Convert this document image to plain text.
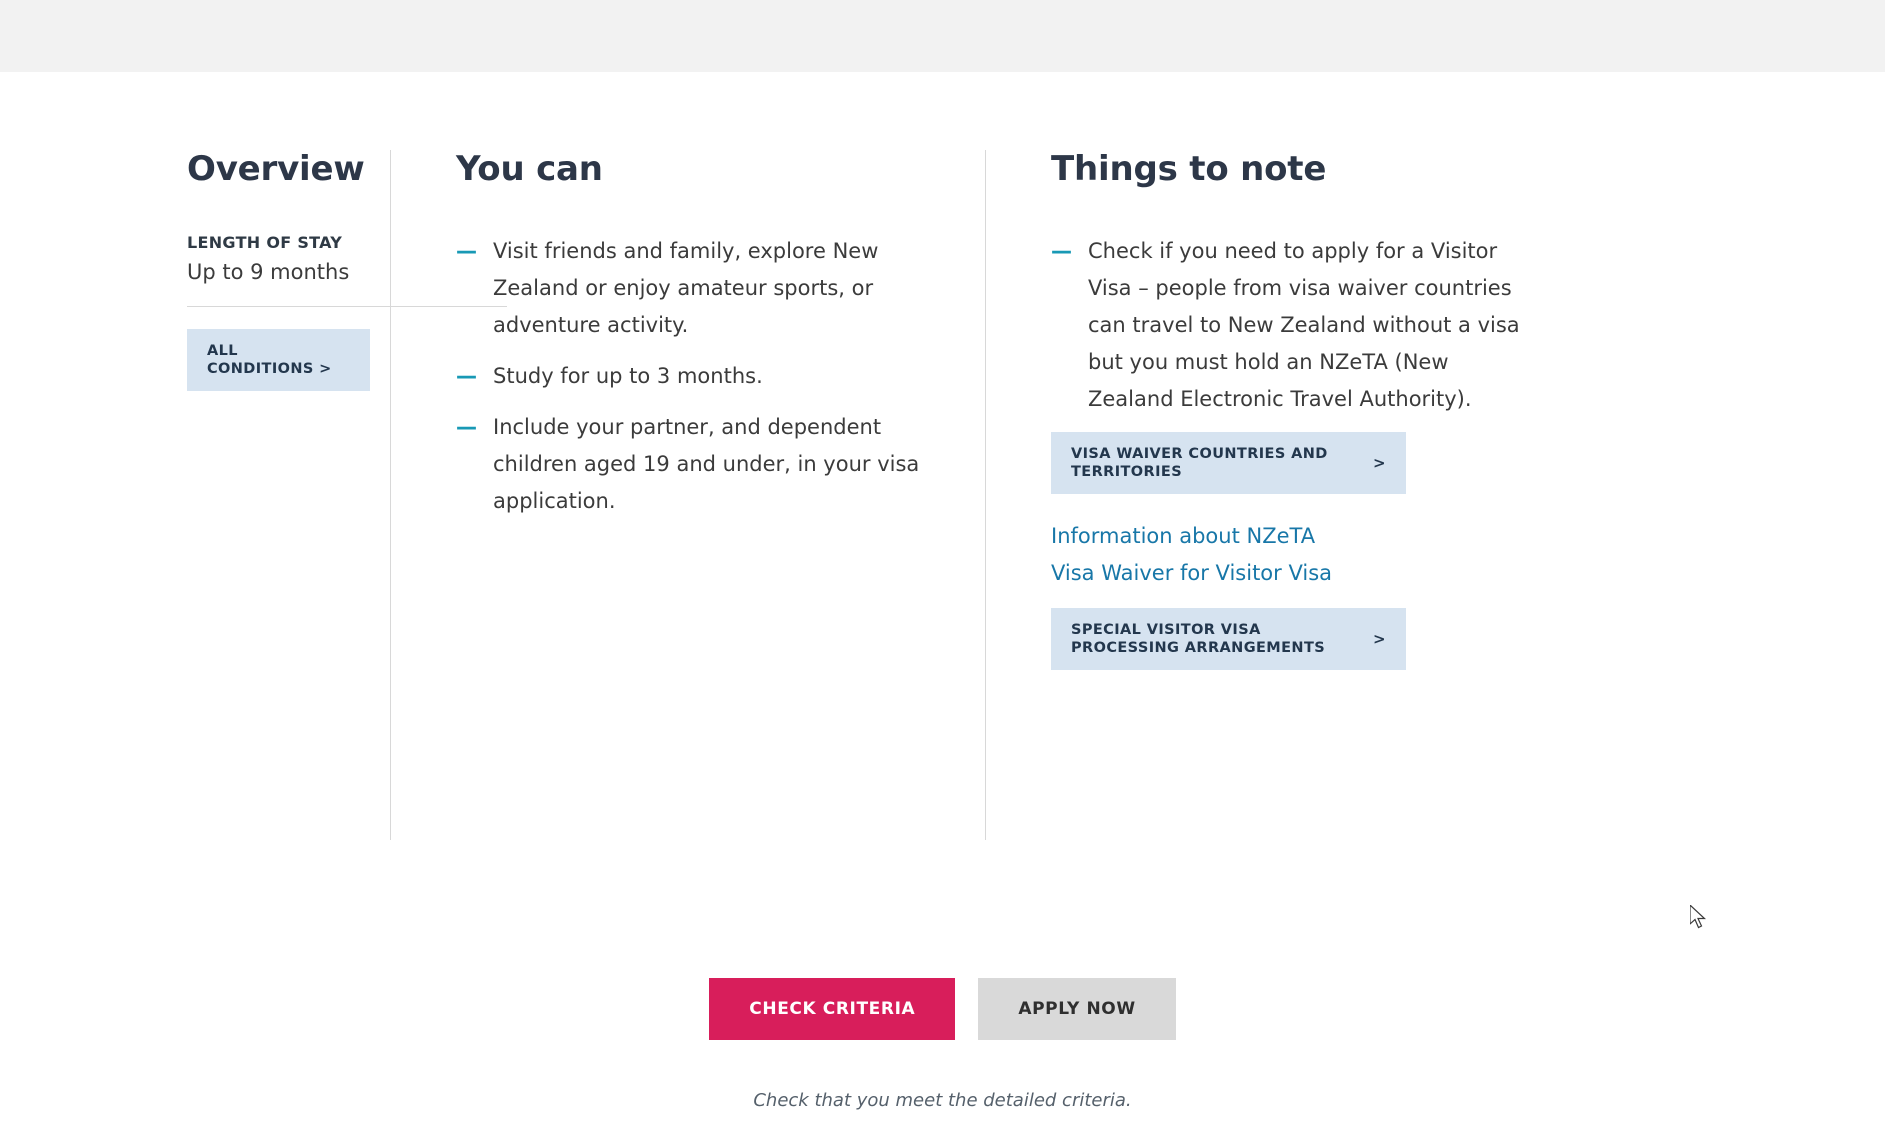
Overview
LENGTH OF STAY
Up to 9 months
ALL CONDITIONS >
You can
— Visit friends and family, explore New Zealand or enjoy amateur sports, or adventure activity.
— Study for up to 3 months.
— Include your partner, and dependent children aged 19 and under, in your visa application.
Things to note
— Check if you need to apply for a Visitor Visa – people from visa waiver countries can travel to New Zealand without a visa but you must hold an NZeTA (New Zealand Electronic Travel Authority).
VISA WAIVER COUNTRIES AND TERRITORIES	>
Information about NZeTA
Visa Waiver for Visitor Visa
SPECIAL VISITOR VISA PROCESSING ARRANGEMENTS	>
CHECK CRITERIA	APPLY NOW
Check that you meet the detailed criteria.
